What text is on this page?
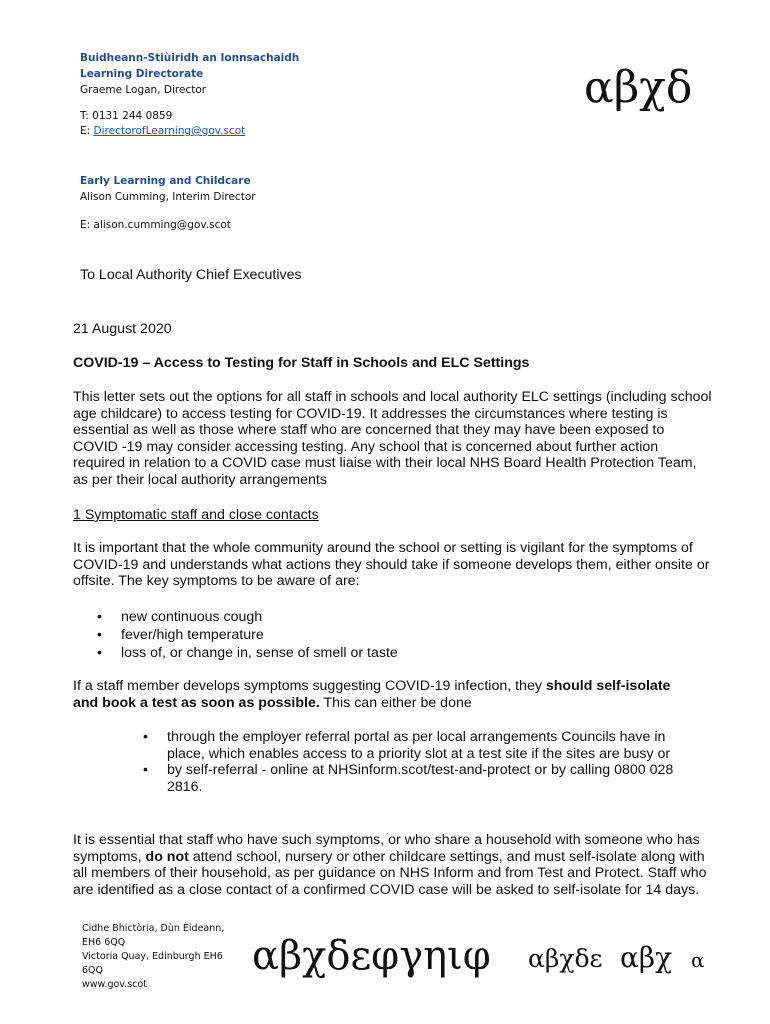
Buidheann-Stiùiridh an Ionnsachaidh
Learning Directorate
Graeme Logan, Director
T: 0131 244 0859
E: DirectorofLearning@gov.scot
αβχδ
Early Learning and Childcare
Alison Cumming, Interim Director
E: alison.cumming@gov.scot
To Local Authority Chief Executives
21 August 2020
COVID-19 – Access to Testing for Staff in Schools and ELC Settings
This letter sets out the options for all staff in schools and local authority ELC settings (including school age childcare) to access testing for COVID-19. It addresses the circumstances where testing is essential as well as those where staff who are concerned that they may have been exposed to COVID -19 may consider accessing testing. Any school that is concerned about further action required in relation to a COVID case must liaise with their local NHS Board Health Protection Team, as per their local authority arrangements
1 Symptomatic staff and close contacts
It is important that the whole community around the school or setting is vigilant for the symptoms of COVID-19 and understands what actions they should take if someone develops them, either onsite or offsite. The key symptoms to be aware of are:
• new continuous cough
• fever/high temperature
• loss of, or change in, sense of smell or taste
If a staff member develops symptoms suggesting COVID-19 infection, they should self-isolate and book a test as soon as possible. This can either be done
• through the employer referral portal as per local arrangements Councils have in place, which enables access to a priority slot at a test site if the sites are busy or
• by self-referral - online at NHSinform.scot/test-and-protect or by calling 0800 028 2816.
It is essential that staff who have such symptoms, or who share a household with someone who has symptoms, do not attend school, nursery or other childcare settings, and must self-isolate along with all members of their household, as per guidance on NHS Inform and from Test and Protect. Staff who are identified as a close contact of a confirmed COVID case will be asked to self-isolate for 14 days.
Cidhe Bhictòria, Dùn Èideann,
EH6 6QQ
Victoria Quay, Edinburgh EH6
6QQ
www.gov.scot
αβχδεφγηιφ αβχδε αβχ α
